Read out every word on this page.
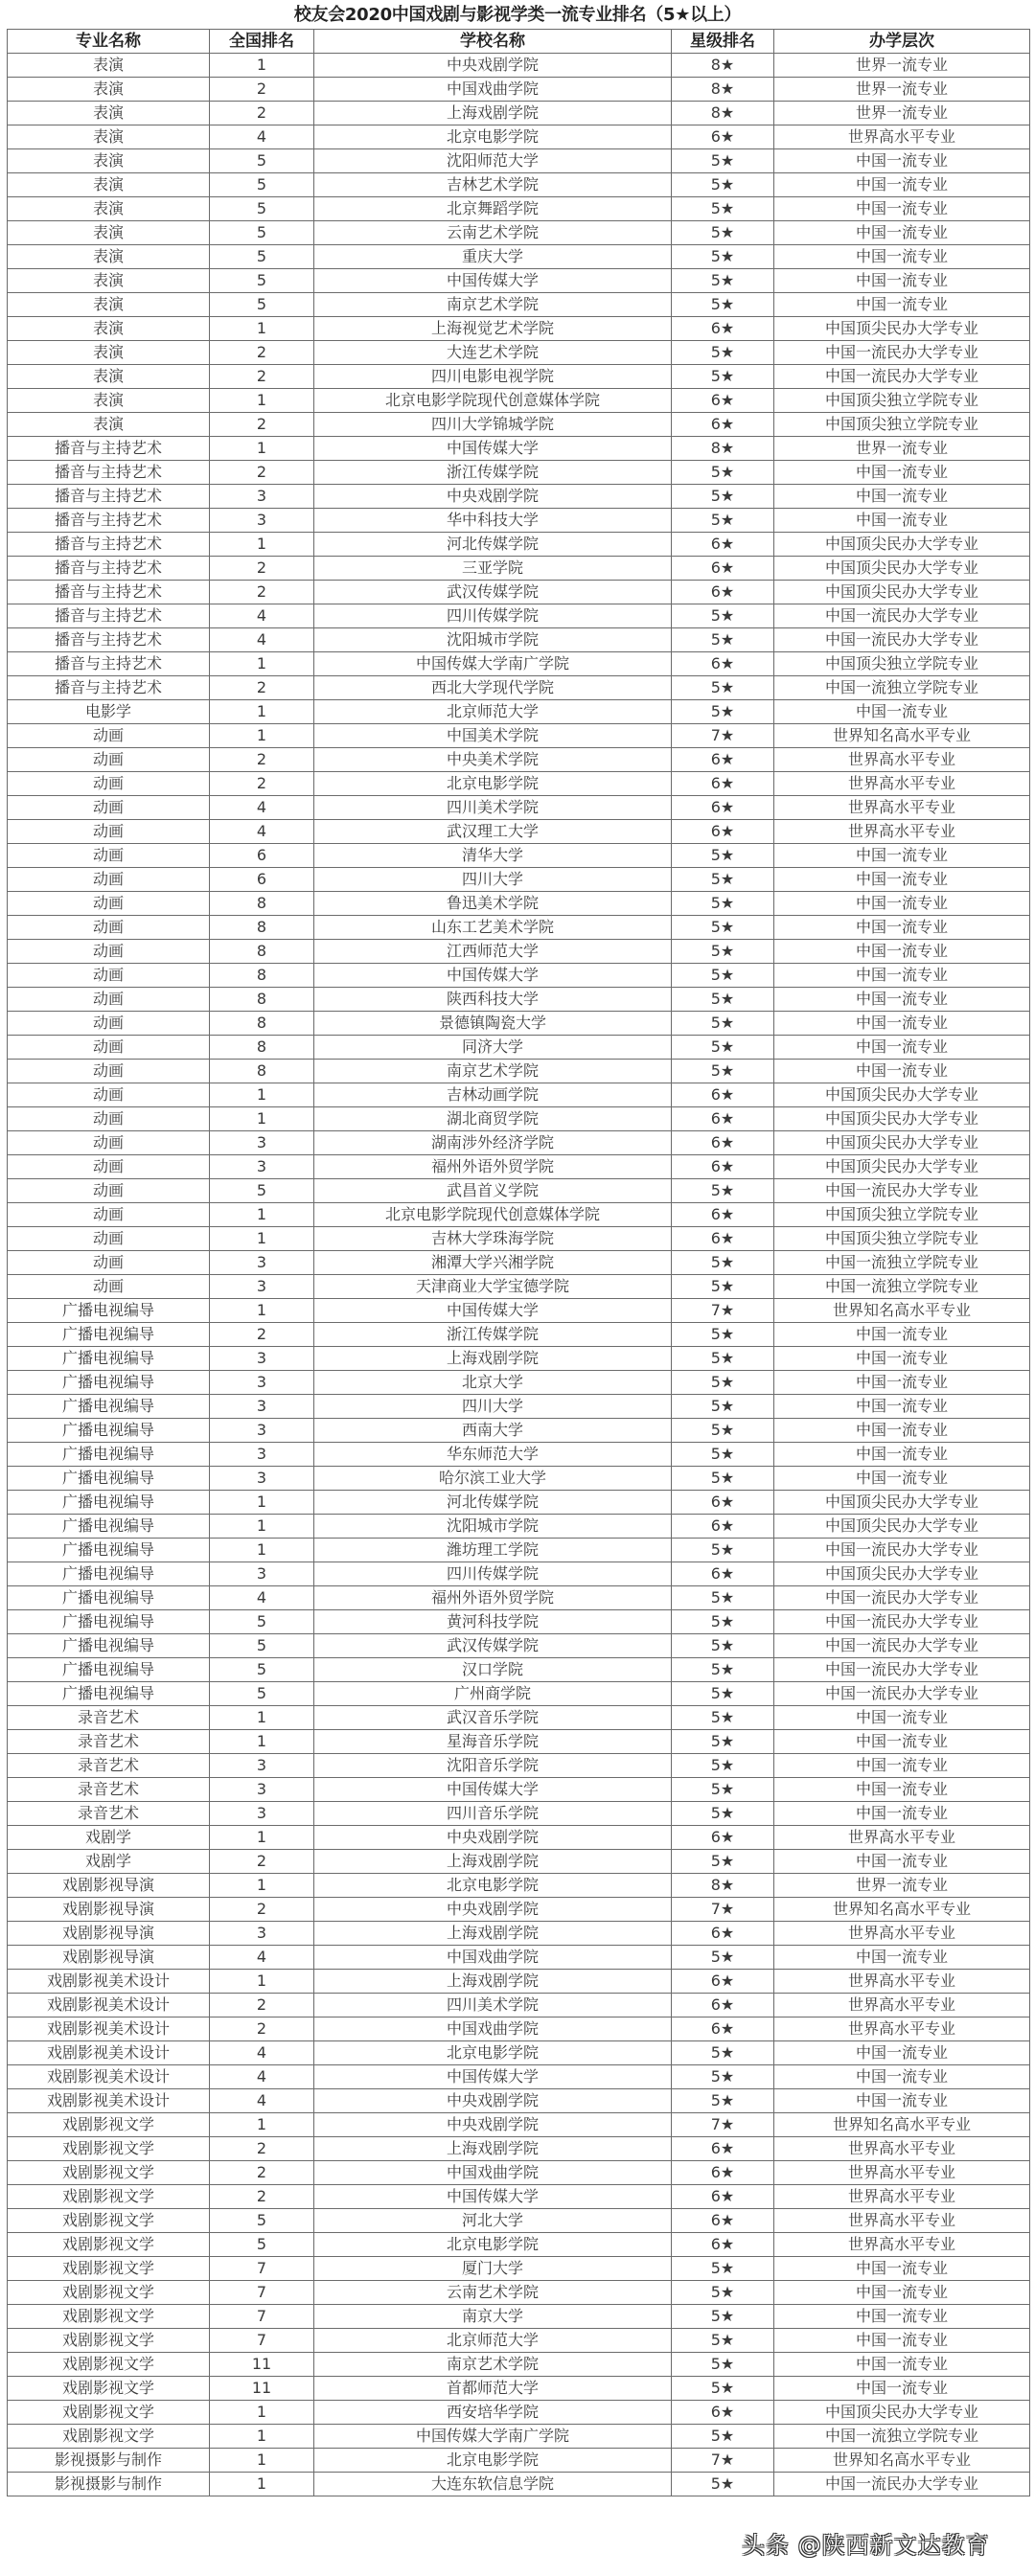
校友会2020中国戏剧与影视学类一流专业排名（5★以上）
专业名称	全国排名	学校名称	星级排名	办学层次
表演	1	中央戏剧学院	8★	世界一流专业
表演	2	中国戏曲学院	8★	世界一流专业
表演	2	上海戏剧学院	8★	世界一流专业
表演	4	北京电影学院	6★	世界高水平专业
表演	5	沈阳师范大学	5★	中国一流专业
表演	5	吉林艺术学院	5★	中国一流专业
表演	5	北京舞蹈学院	5★	中国一流专业
表演	5	云南艺术学院	5★	中国一流专业
表演	5	重庆大学	5★	中国一流专业
表演	5	中国传媒大学	5★	中国一流专业
表演	5	南京艺术学院	5★	中国一流专业
表演	1	上海视觉艺术学院	6★	中国顶尖民办大学专业
表演	2	大连艺术学院	5★	中国一流民办大学专业
表演	2	四川电影电视学院	5★	中国一流民办大学专业
表演	1	北京电影学院现代创意媒体学院	6★	中国顶尖独立学院专业
表演	2	四川大学锦城学院	6★	中国顶尖独立学院专业
播音与主持艺术	1	中国传媒大学	8★	世界一流专业
播音与主持艺术	2	浙江传媒学院	5★	中国一流专业
播音与主持艺术	3	中央戏剧学院	5★	中国一流专业
播音与主持艺术	3	华中科技大学	5★	中国一流专业
播音与主持艺术	1	河北传媒学院	6★	中国顶尖民办大学专业
播音与主持艺术	2	三亚学院	6★	中国顶尖民办大学专业
播音与主持艺术	2	武汉传媒学院	6★	中国顶尖民办大学专业
播音与主持艺术	4	四川传媒学院	5★	中国一流民办大学专业
播音与主持艺术	4	沈阳城市学院	5★	中国一流民办大学专业
播音与主持艺术	1	中国传媒大学南广学院	6★	中国顶尖独立学院专业
播音与主持艺术	2	西北大学现代学院	5★	中国一流独立学院专业
电影学	1	北京师范大学	5★	中国一流专业
动画	1	中国美术学院	7★	世界知名高水平专业
动画	2	中央美术学院	6★	世界高水平专业
动画	2	北京电影学院	6★	世界高水平专业
动画	4	四川美术学院	6★	世界高水平专业
动画	4	武汉理工大学	6★	世界高水平专业
动画	6	清华大学	5★	中国一流专业
动画	6	四川大学	5★	中国一流专业
动画	8	鲁迅美术学院	5★	中国一流专业
动画	8	山东工艺美术学院	5★	中国一流专业
动画	8	江西师范大学	5★	中国一流专业
动画	8	中国传媒大学	5★	中国一流专业
动画	8	陕西科技大学	5★	中国一流专业
动画	8	景德镇陶瓷大学	5★	中国一流专业
动画	8	同济大学	5★	中国一流专业
动画	8	南京艺术学院	5★	中国一流专业
动画	1	吉林动画学院	6★	中国顶尖民办大学专业
动画	1	湖北商贸学院	6★	中国顶尖民办大学专业
动画	3	湖南涉外经济学院	6★	中国顶尖民办大学专业
动画	3	福州外语外贸学院	6★	中国顶尖民办大学专业
动画	5	武昌首义学院	5★	中国一流民办大学专业
动画	1	北京电影学院现代创意媒体学院	6★	中国顶尖独立学院专业
动画	1	吉林大学珠海学院	6★	中国顶尖独立学院专业
动画	3	湘潭大学兴湘学院	5★	中国一流独立学院专业
动画	3	天津商业大学宝德学院	5★	中国一流独立学院专业
广播电视编导	1	中国传媒大学	7★	世界知名高水平专业
广播电视编导	2	浙江传媒学院	5★	中国一流专业
广播电视编导	3	上海戏剧学院	5★	中国一流专业
广播电视编导	3	北京大学	5★	中国一流专业
广播电视编导	3	四川大学	5★	中国一流专业
广播电视编导	3	西南大学	5★	中国一流专业
广播电视编导	3	华东师范大学	5★	中国一流专业
广播电视编导	3	哈尔滨工业大学	5★	中国一流专业
广播电视编导	1	河北传媒学院	6★	中国顶尖民办大学专业
广播电视编导	1	沈阳城市学院	6★	中国顶尖民办大学专业
广播电视编导	1	潍坊理工学院	5★	中国一流民办大学专业
广播电视编导	3	四川传媒学院	6★	中国顶尖民办大学专业
广播电视编导	4	福州外语外贸学院	5★	中国一流民办大学专业
广播电视编导	5	黄河科技学院	5★	中国一流民办大学专业
广播电视编导	5	武汉传媒学院	5★	中国一流民办大学专业
广播电视编导	5	汉口学院	5★	中国一流民办大学专业
广播电视编导	5	广州商学院	5★	中国一流民办大学专业
录音艺术	1	武汉音乐学院	5★	中国一流专业
录音艺术	1	星海音乐学院	5★	中国一流专业
录音艺术	3	沈阳音乐学院	5★	中国一流专业
录音艺术	3	中国传媒大学	5★	中国一流专业
录音艺术	3	四川音乐学院	5★	中国一流专业
戏剧学	1	中央戏剧学院	6★	世界高水平专业
戏剧学	2	上海戏剧学院	5★	中国一流专业
戏剧影视导演	1	北京电影学院	8★	世界一流专业
戏剧影视导演	2	中央戏剧学院	7★	世界知名高水平专业
戏剧影视导演	3	上海戏剧学院	6★	世界高水平专业
戏剧影视导演	4	中国戏曲学院	5★	中国一流专业
戏剧影视美术设计	1	上海戏剧学院	6★	世界高水平专业
戏剧影视美术设计	2	四川美术学院	6★	世界高水平专业
戏剧影视美术设计	2	中国戏曲学院	6★	世界高水平专业
戏剧影视美术设计	4	北京电影学院	5★	中国一流专业
戏剧影视美术设计	4	中国传媒大学	5★	中国一流专业
戏剧影视美术设计	4	中央戏剧学院	5★	中国一流专业
戏剧影视文学	1	中央戏剧学院	7★	世界知名高水平专业
戏剧影视文学	2	上海戏剧学院	6★	世界高水平专业
戏剧影视文学	2	中国戏曲学院	6★	世界高水平专业
戏剧影视文学	2	中国传媒大学	6★	世界高水平专业
戏剧影视文学	5	河北大学	6★	世界高水平专业
戏剧影视文学	5	北京电影学院	6★	世界高水平专业
戏剧影视文学	7	厦门大学	5★	中国一流专业
戏剧影视文学	7	云南艺术学院	5★	中国一流专业
戏剧影视文学	7	南京大学	5★	中国一流专业
戏剧影视文学	7	北京师范大学	5★	中国一流专业
戏剧影视文学	11	南京艺术学院	5★	中国一流专业
戏剧影视文学	11	首都师范大学	5★	中国一流专业
戏剧影视文学	1	西安培华学院	6★	中国顶尖民办大学专业
戏剧影视文学	1	中国传媒大学南广学院	5★	中国一流独立学院专业
影视摄影与制作	1	北京电影学院	7★	世界知名高水平专业
影视摄影与制作	1	大连东软信息学院	5★	中国一流民办大学专业
头条 @陕西新文达教育
